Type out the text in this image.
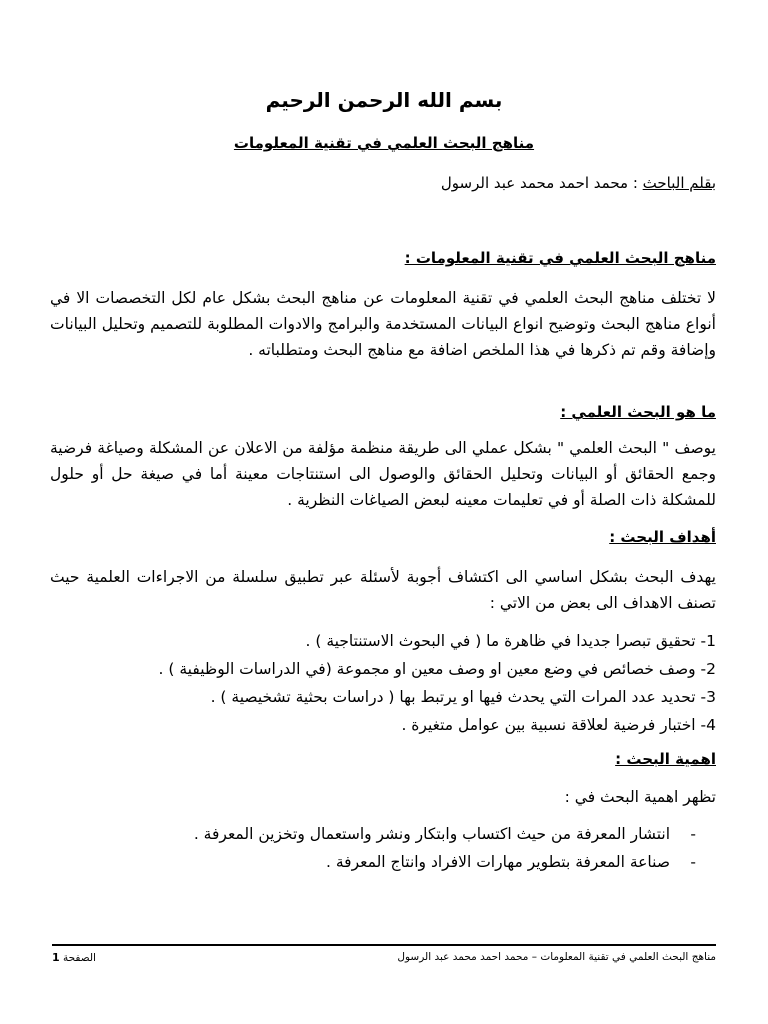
بسم الله الرحمن الرحيم
مناهج البحث العلمي في تقنية المعلومات
بقلم الباحث : محمد احمد محمد عبد الرسول
مناهج البحث العلمي في تقنية المعلومات :
لا تختلف مناهج البحث العلمي في تقنية المعلومات عن مناهج البحث بشكل عام لكل التخصصات الا في أنواع مناهج البحث وتوضيح انواع البيانات المستخدمة والبرامج والادوات المطلوبة للتصميم وتحليل البيانات وإضافة وقم تم ذكرها في هذا الملخص اضافة مع مناهج البحث ومتطلباته .
ما هو البحث العلمي :
يوصف " البحث العلمي " بشكل عملي الى طريقة منظمة مؤلفة من الاعلان عن المشكلة وصياغة فرضية وجمع الحقائق أو البيانات وتحليل الحقائق والوصول الى استنتاجات معينة أما في صيغة حل أو حلول للمشكلة ذات الصلة أو في تعليمات معينه لبعض الصياغات النظرية .
أهداف البحث :
يهدف البحث بشكل اساسي الى اكتشاف أجوبة لأسئلة عبر تطبيق سلسلة من الاجراءات العلمية حيث تصنف الاهداف الى بعض من الاتي :
1- تحقيق تبصرا جديدا في ظاهرة ما ( في البحوث الاستنتاجية ) .
2- وصف خصائص في وضع معين او وصف معين او مجموعة (في الدراسات الوظيفية ) .
3- تحديد عدد المرات التي يحدث فيها او يرتبط بها ( دراسات بحثية تشخيصية ) .
4- اختبار فرضية لعلاقة نسبية بين عوامل متغيرة .
اهمية البحث :
تظهر اهمية البحث في :
-
انتشار المعرفة من حيث اكتساب وابتكار ونشر واستعمال وتخزين المعرفة .
-
صناعة المعرفة بتطوير مهارات الافراد وانتاج المعرفة .
مناهج البحث العلمي في تقنية المعلومات – محمد احمد محمد عبد الرسول
الصفحة 1
